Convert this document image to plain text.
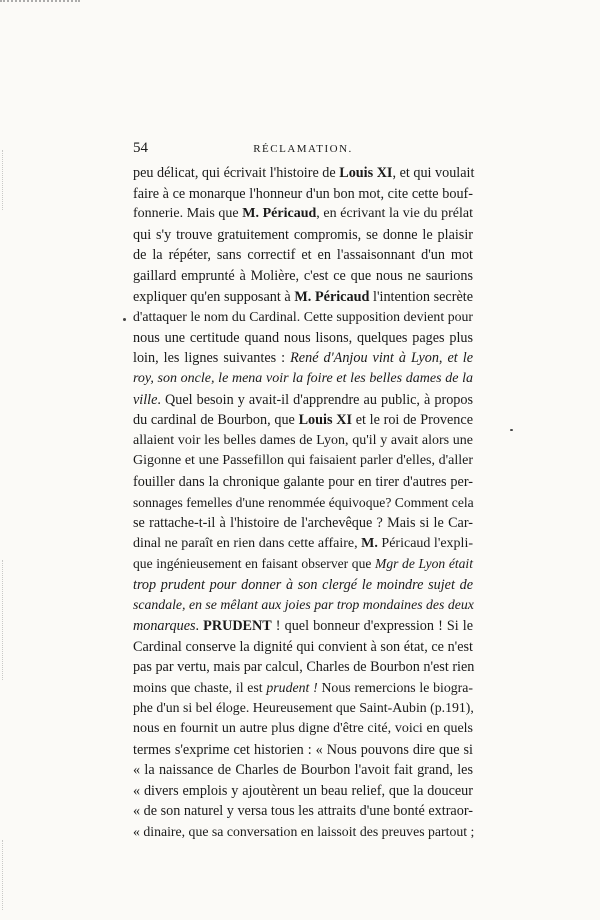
54	RÉCLAMATION.
peu délicat, qui écrivait l'histoire de Louis XI, et qui voulait
faire à ce monarque l'honneur d'un bon mot, cite cette bouf-
fonnerie. Mais que M. Péricaud, en écrivant la vie du prélat
qui s'y trouve gratuitement compromis, se donne le plaisir
de la répéter, sans correctif et en l'assaisonnant d'un mot
gaillard emprunté à Molière, c'est ce que nous ne saurions
expliquer qu'en supposant à M. Péricaud l'intention secrète
d'attaquer le nom du Cardinal. Cette supposition devient pour
nous une certitude quand nous lisons, quelques pages plus
loin, les lignes suivantes : René d'Anjou vint à Lyon, et le
roy, son oncle, le mena voir la foire et les belles dames de la
ville. Quel besoin y avait-il d'apprendre au public, à propos
du cardinal de Bourbon, que Louis XI et le roi de Provence
allaient voir les belles dames de Lyon, qu'il y avait alors une
Gigonne et une Passefillon qui faisaient parler d'elles, d'aller
fouiller dans la chronique galante pour en tirer d'autres per-
sonnages femelles d'une renommée équivoque? Comment cela
se rattache-t-il à l'histoire de l'archevêque ? Mais si le Car-
dinal ne paraît en rien dans cette affaire, M. Péricaud l'expli-
que ingénieusement en faisant observer que Mgr de Lyon était
trop prudent pour donner à son clergé le moindre sujet de
scandale, en se mêlant aux joies par trop mondaines des deux
monarques. PRUDENT ! quel bonneur d'expression ! Si le
Cardinal conserve la dignité qui convient à son état, ce n'est
pas par vertu, mais par calcul, Charles de Bourbon n'est rien
moins que chaste, il est prudent ! Nous remercions le biogra-
phe d'un si bel éloge. Heureusement que Saint-Aubin (p.191),
nous en fournit un autre plus digne d'être cité, voici en quels
termes s'exprime cet historien : « Nous pouvons dire que si
« la naissance de Charles de Bourbon l'avoit fait grand, les
« divers emplois y ajoutèrent un beau relief, que la douceur
« de son naturel y versa tous les attraits d'une bonté extraor-
« dinaire, que sa conversation en laissoit des preuves partout ;
